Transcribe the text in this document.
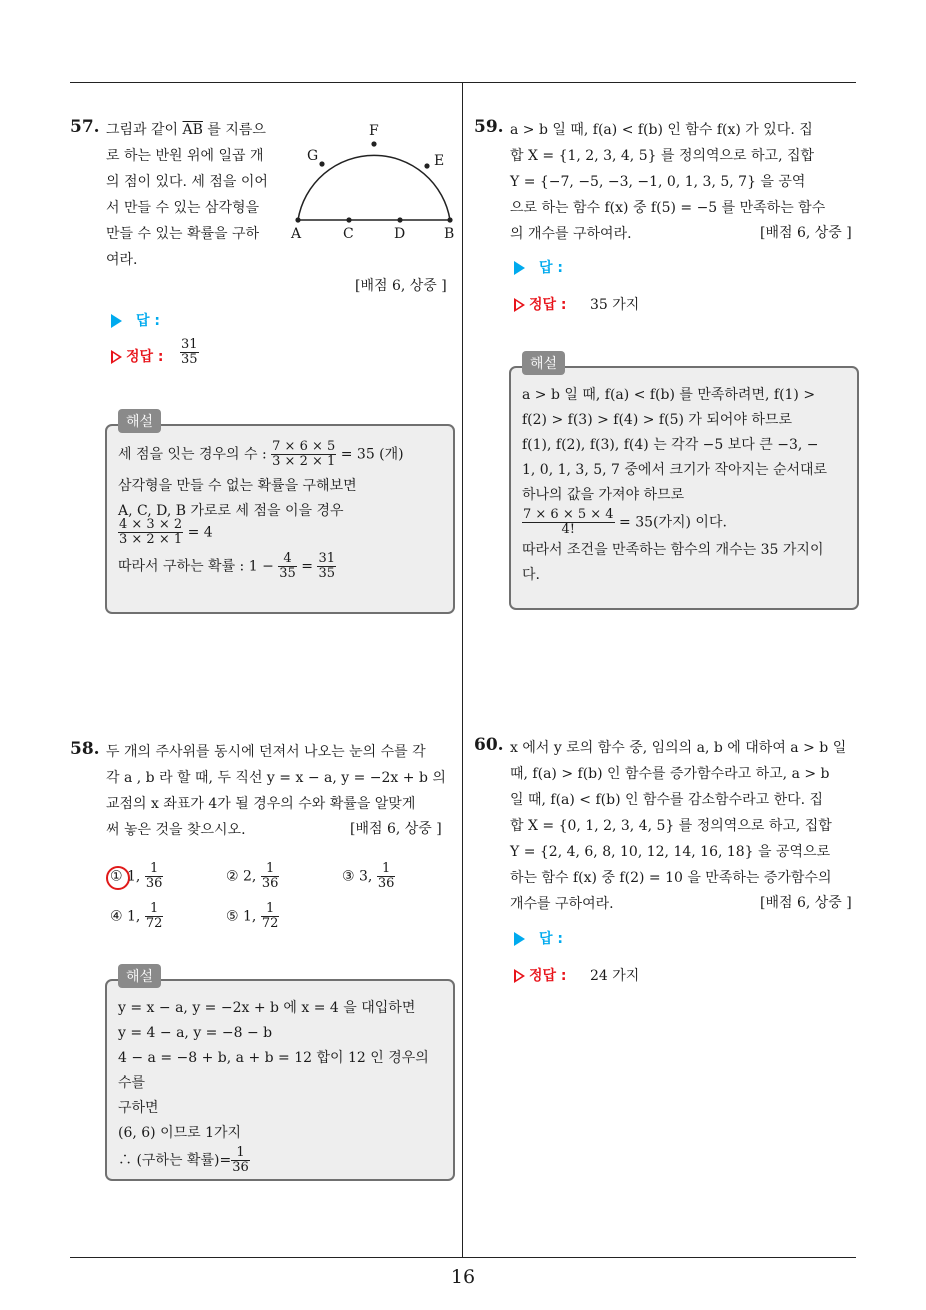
57. 그림과 같이 $\overline{AB}$ 를 지름으
로 하는 반원 위에 일곱 개
의 점이 있다. 세 점을 이어
서 만들 수 있는 삼각형을
만들 수 있는 확률을 구하
여라.
A	C	D	B
E
F
G
[배점 6, 상중 ]
답 :
정답 : $\frac{31}{35}$
해설
세 점을 잇는 경우의 수 : $\frac{7 \times 6 \times 5}{3 \times 2 \times 1} = 35$ (개)
삼각형을 만들 수 없는 확률을 구해보면
A, C, D, B 가로로 세 점을 이을 경우
$\frac{4 \times 3 \times 2}{3 \times 2 \times 1} = 4$
따라서 구하는 확률 : $1 - \frac{4}{35} = \frac{31}{35}$
58. 두 개의 주사위를 동시에 던져서 나오는 눈의 수를 각
각 a , b 라 할 때, 두 직선 y = x − a, y = −2x + b 의
교점의 x 좌표가 4가 될 경우의 수와 확률을 알맞게
써 놓은 것을 찾으시오.	[배점 6, 상중 ]
① 1, $\frac{1}{36}$	② 2, $\frac{1}{36}$	③ 3, $\frac{1}{36}$
④ 1, $\frac{1}{72}$	⑤ 1, $\frac{1}{72}$
해설
y = x − a, y = −2x + b 에 x = 4 을 대입하면
y = 4 − a, y = −8 − b
4 − a = −8 + b, a + b = 12 합이 12 인 경우의 수를
구하면
(6, 6) 이므로 1가지
∴ (구하는 확률)= $\frac{1}{36}$
59. a > b 일 때, f(a) < f(b) 인 함수 f(x) 가 있다. 집
합 X = {1, 2, 3, 4, 5} 를 정의역으로 하고, 집합
Y = {−7, −5, −3, −1, 0, 1, 3, 5, 7} 을 공역
으로 하는 함수 f(x) 중 f(5) = −5 를 만족하는 함수
의 개수를 구하여라.	[배점 6, 상중 ]
답 :
정답 : 35 가지
해설
a > b 일 때, f(a) < f(b) 를 만족하려면, f(1) >
f(2) > f(3) > f(4) > f(5) 가 되어야 하므로
f(1), f(2), f(3), f(4) 는 각각 −5 보다 큰 −3, −
1, 0, 1, 3, 5, 7 중에서 크기가 작아지는 순서대로
하나의 값을 가져야 하므로
$\frac{7 \times 6 \times 5 \times 4}{4!} = 35$(가지) 이다.
따라서 조건을 만족하는 함수의 개수는 35 가지이
다.
60. x 에서 y 로의 함수 중, 임의의 a, b 에 대하여 a > b 일
때, f(a) > f(b) 인 함수를 증가함수라고 하고, a > b
일 때, f(a) < f(b) 인 함수를 감소함수라고 한다. 집
합 X = {0, 1, 2, 3, 4, 5} 를 정의역으로 하고, 집합
Y = {2, 4, 6, 8, 10, 12, 14, 16, 18} 을 공역으로
하는 함수 f(x) 중 f(2) = 10 을 만족하는 증가함수의
개수를 구하여라.	[배점 6, 상중 ]
답 :
정답 : 24 가지
16
